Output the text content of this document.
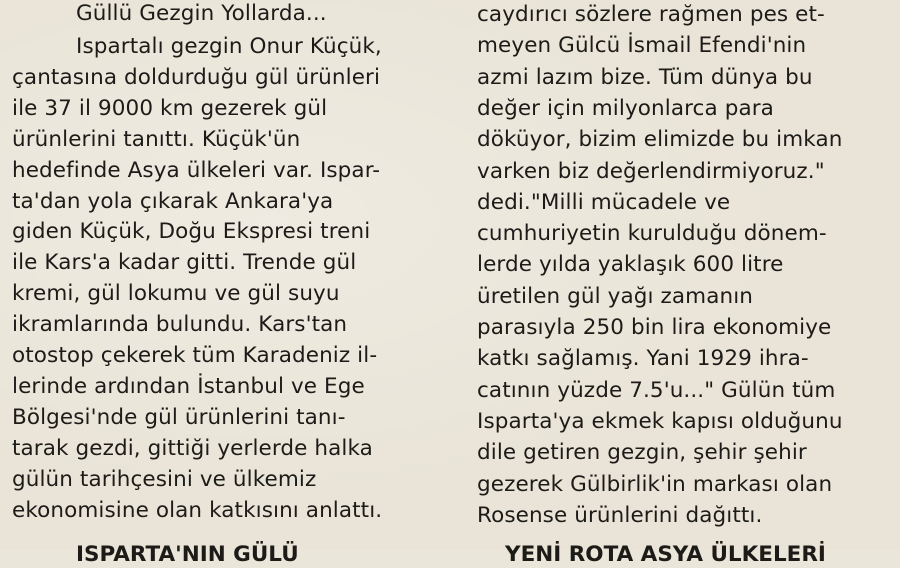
Güllü Gezgin Yollarda...
Ispartalı gezgin Onur Küçük,
çantasına doldurduğu gül ürünleri
ile 37 il 9000 km gezerek gül
ürünlerini tanıttı. Küçük'ün
hedefinde Asya ülkeleri var. Ispar-
ta'dan yola çıkarak Ankara'ya
giden Küçük, Doğu Ekspresi treni
ile Kars'a kadar gitti. Trende gül
kremi, gül lokumu ve gül suyu
ikramlarında bulundu. Kars'tan
otostop çekerek tüm Karadeniz il-
lerinde ardından İstanbul ve Ege
Bölgesi'nde gül ürünlerini tanı-
tarak gezdi, gittiği yerlerde halka
gülün tarihçesini ve ülkemiz
ekonomisine olan katkısını anlattı.
ISPARTA'NIN GÜLÜ
caydırıcı sözlere rağmen pes et-
meyen Gülcü İsmail Efendi'nin
azmi lazım bize. Tüm dünya bu
değer için milyonlarca para
döküyor, bizim elimizde bu imkan
varken biz değerlendirmiyoruz."
dedi."Milli mücadele ve
cumhuriyetin kurulduğu dönem-
lerde yılda yaklaşık 600 litre
üretilen gül yağı zamanın
parasıyla 250 bin lira ekonomiye
katkı sağlamış. Yani 1929 ihra-
catının yüzde 7.5'u..." Gülün tüm
Isparta'ya ekmek kapısı olduğunu
dile getiren gezgin, şehir şehir
gezerek Gülbirlik'in markası olan
Rosense ürünlerini dağıttı.
YENİ ROTA ASYA ÜLKELERİ
